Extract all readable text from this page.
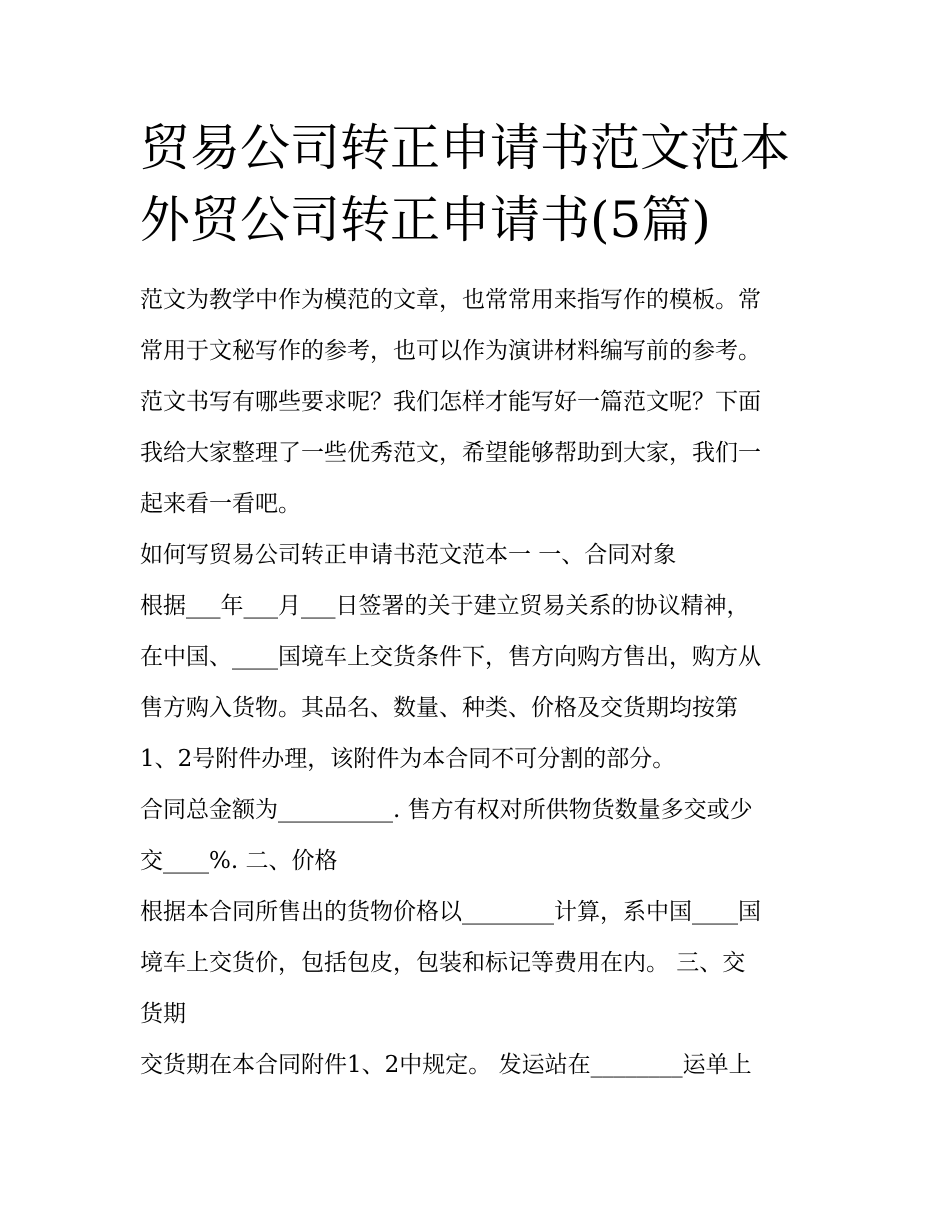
贸易公司转正申请书范文范本
外贸公司转正申请书(5篇)
范文为教学中作为模范的文章，也常常用来指写作的模板。常
常用于文秘写作的参考，也可以作为演讲材料编写前的参考。
范文书写有哪些要求呢？我们怎样才能写好一篇范文呢？下面
我给大家整理了一些优秀范文，希望能够帮助到大家，我们一
起来看一看吧。
如何写贸易公司转正申请书范文范本一 一、合同对象
根据___年___月___日签署的关于建立贸易关系的协议精神，
在中国、____国境车上交货条件下，售方向购方售出，购方从
售方购入货物。其品名、数量、种类、价格及交货期均按第
1、2号附件办理，该附件为本合同不可分割的部分。
合同总金额为__________. 售方有权对所供物货数量多交或少
交____%. 二、价格
根据本合同所售出的货物价格以________计算，系中国____国
境车上交货价，包括包皮，包装和标记等费用在内。 三、交
货期
交货期在本合同附件1、2中规定。 发运站在________运单上
